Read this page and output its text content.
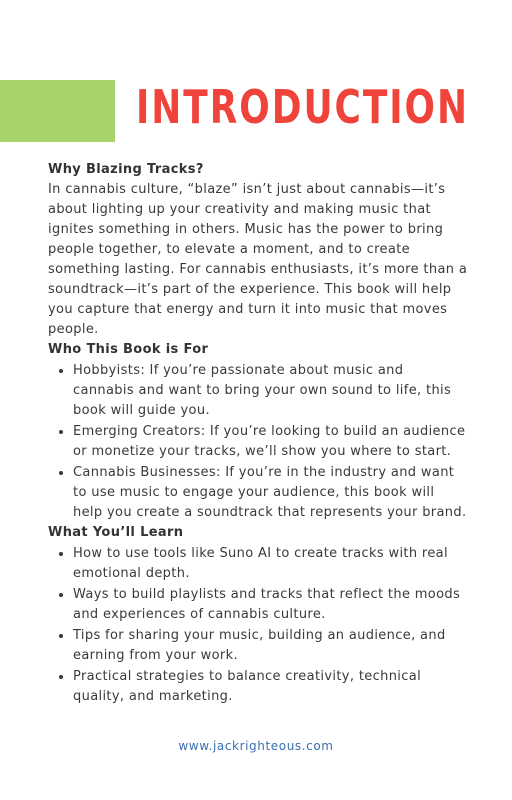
INTRODUCTION

Why Blazing Tracks?

In cannabis culture, “blaze” isn’t just about cannabis—it’s about lighting up your creativity and making music that ignites something in others. Music has the power to bring people together, to elevate a moment, and to create something lasting. For cannabis enthusiasts, it’s more than a soundtrack—it’s part of the experience. This book will help you capture that energy and turn it into music that moves people.

Who This Book is For

• Hobbyists: If you’re passionate about music and cannabis and want to bring your own sound to life, this book will guide you.
• Emerging Creators: If you’re looking to build an audience or monetize your tracks, we’ll show you where to start.
• Cannabis Businesses: If you’re in the industry and want to use music to engage your audience, this book will help you create a soundtrack that represents your brand.

What You’ll Learn

• How to use tools like Suno AI to create tracks with real emotional depth.
• Ways to build playlists and tracks that reflect the moods and experiences of cannabis culture.
• Tips for sharing your music, building an audience, and earning from your work.
• Practical strategies to balance creativity, technical quality, and marketing.
www.jackrighteous.com
